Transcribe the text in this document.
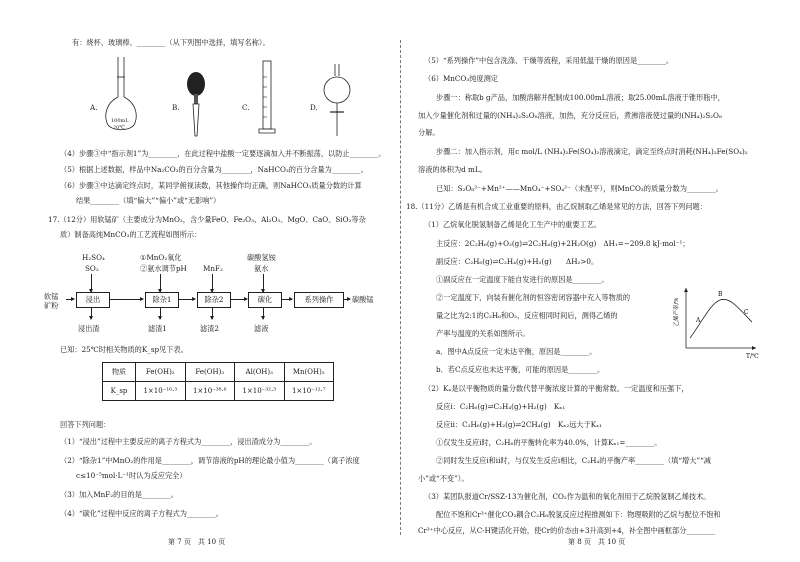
有：烧杯、玻璃棒、________（从下列图中选择，填写名称）。
A.
100mL
20℃
B.	C.	D.
（4）步骤③中“指示剂1”为________，在此过程中盐酸一定要逐滴加入并不断振荡，以防止________。
（5）根据上述数据，样品中Na₂CO₃的百分含量为________，NaHCO₃的百分含量为________。
（6）步骤③中达滴定终点时，某同学俯视读数，其他操作均正确，则NaHCO₃质量分数的计算
结果________（填“偏大”“偏小”或“无影响”）
17.（12分）用软锰矿（主要成分为MnO₂，含少量FeO、Fe₂O₃、Al₂O₃、MgO、CaO、SiO₂等杂
质）制备高纯MnCO₃的工艺流程如图所示：
H₂SO₄
SO₂
①MnO₂氧化
②氨水调节pH MnF₂
碳酸氢铵
氨水
软锰
矿粉
浸出	除杂1	除杂2	碳化	系列操作	碳酸锰
浸出渣	滤渣1	滤渣2	滤液
已知：25℃时相关物质的K_sp见下表。
物质	Fe(OH)₂	Fe(OH)₃	Al(OH)₃	Mn(OH)₂
K_sp	1×10⁻¹⁶·³	1×10⁻³⁸·⁶	1×10⁻³²·³	1×10⁻¹²·⁷
回答下列问题：
（1）“浸出”过程中主要反应的离子方程式为________，浸出渣成分为________。
（2）“除杂1”中MnO₂的作用是________，调节溶液的pH的理论最小值为________（离子浓度
c≤10⁻⁵mol·L⁻¹时认为反应完全）
（3）加入MnF₂的目的是________。
（4）“碳化”过程中反应的离子方程式为________。
第 7 页　共 10 页
（5）“系列操作”中包含洗涤、干燥等流程，采用低温干燥的原因是________。
（6）MnCO₃纯度测定
步骤一：称取b g产品，加酸溶解并配制成100.00mL溶液；取25.00mL溶液于锥形瓶中，
加入少量催化剂和过量的(NH₄)₂S₂O₈溶液，加热，充分反应后，煮沸溶液使过量的(NH₄)₂S₂O₈
分解。
步骤二：加入指示剂，用c mol/L (NH₄)₂Fe(SO₄)₂溶液滴定，滴定至终点时消耗(NH₄)₂Fe(SO₄)₂
溶液的体积为d mL。
已知：S₂O₈²⁻+Mn²⁺——MnO₄⁻+SO₄²⁻（未配平），则MnCO₃的质量分数为________。
18.（11分）乙烯是有机合成工业重要的原料，由乙烷制取乙烯是常见的方法，回答下列问题：
（1）乙烷氧化脱氢制备乙烯是化工生产中的重要工艺。
主反应：2C₂H₆(g)+O₂(g)⇌2C₂H₄(g)+2H₂O(g)　ΔH₁=−209.8 kJ·mol⁻¹；
副反应：C₂H₆(g)⇌C₂H₄(g)+H₂(g)　　ΔH₂>0。
①副反应在一定温度下能自发进行的原因是________。
②一定温度下，向装有催化剂的恒容密闭容器中充入等物质的
量之比为2:1的C₂H₆和O₂，反应相同时间后，测得乙烯的
产率与温度的关系如图所示。
a．图中A点反应一定未达平衡，原因是________。
b．若C点反应也未达平衡，可能的原因是________。
乙烯产率/%
T/℃
A
B
C
（2）Kₓ是以平衡物质的量分数代替平衡浓度计算的平衡常数。一定温度和压强下，
反应i：C₂H₆(g)⇌C₂H₄(g)+H₂(g)　Kₓ₁
反应ii：C₂H₆(g)+H₂(g)⇌2CH₄(g)　Kₓ₂远大于Kₓ₁
①仅发生反应i时，C₂H₆的平衡转化率为40.0%，计算Kₓ₁=________。
②同时发生反应i和ii时，与仅发生反应i相比，C₂H₄的平衡产率________（填“增大”“减
小”或“不变”）。
（3）某团队报道Cr/SSZ-13为催化剂，CO₂作为温和的氧化剂用于乙烷脱氢制乙烯技术。
配位不饱和Cr³⁺催化CO₂耦合C₂H₆脱氢反应过程推测如下：物理吸附的乙烷与配位不饱和
Cr³⁺中心反应，从C-H键活化开始，使Cr的价态由+3升高到+4，补全图中画框部分________
第 8 页　共 10 页
